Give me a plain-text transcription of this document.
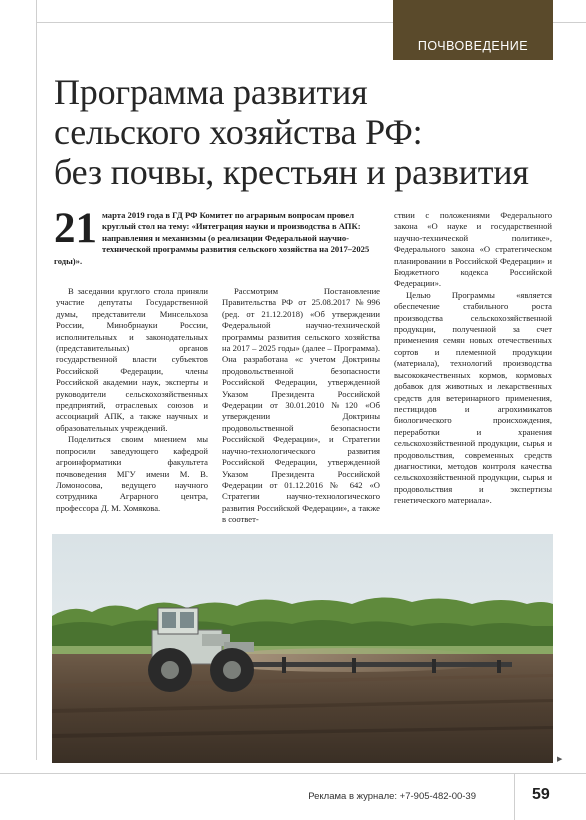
ПОЧВОВЕДЕНИЕ
Программа развития
сельского хозяйства РФ:
без почвы, крестьян и развития
21 марта 2019 года в ГД РФ Комитет по аграрным вопросам провел круглый стол на тему: «Интеграция науки и производства в АПК: направления и механизмы (о реализации Федеральной научно-технической программы развития сельского хозяйства на 2017–2025 годы)».

В заседании круглого стола приняли участие депутаты Государственной думы, представители Минсельхоза России, Минобрнауки России, исполнительных и законодательных (представительных) органов государственной власти субъектов Российской Федерации, члены Российской академии наук, эксперты и руководители сельскохозяйственных предприятий, отраслевых союзов и ассоциаций АПК, а также научных и образовательных учреждений.

Поделиться своим мнением мы попросили заведующего кафедрой агроинформатики факультета почвоведения МГУ имени М. В. Ломоносова, ведущего научного сотрудника Аграрного центра, профессора Д. М. Хомякова.

Рассмотрим Постановление Правительства РФ от 25.08.2017 №996 (ред. от 21.12.2018) «Об утверждении Федеральной научно-технической программы развития сельского хозяйства на 2017 – 2025 годы» (далее – Программа). Она разработана «с учетом Доктрины продовольственной безопасности Российской Федерации, утвержденной Указом Президента Российской Федерации от 30.01.2010 №120 «Об утверждении Доктрины продовольственной безопасности Российской Федерации», и Стратегии научно-технологического развития Российской Федерации, утвержденной Указом Президента Российской Федерации от 01.12.2016 № 642 «О Стратегии научно-технологического развития Российской Федерации», а также в соответ-

ствии с положениями Федерального закона «О науке и государственной научно-технической политике», Федерального закона «О стратегическом планировании в Российской Федерации» и Бюджетного кодекса Российской Федерации».

Целью Программы «является обеспечение стабильного роста производства сельскохозяйственной продукции, полученной за счет применения семян новых отечественных сортов и племенной продукции (материала), технологий производства высококачественных кормов, кормовых добавок для животных и лекарственных средств для ветеринарного применения, пестицидов и агрохимикатов биологического происхождения, переработки и хранения сельскохозяйственной продукции, сырья и продовольствия, современных средств диагностики, методов контроля качества сельскохозяйственной продукции, сырья и продовольствия и экспертизы генетического материала».

▶
Реклама в журнале: +7-905-482-00-39	59
